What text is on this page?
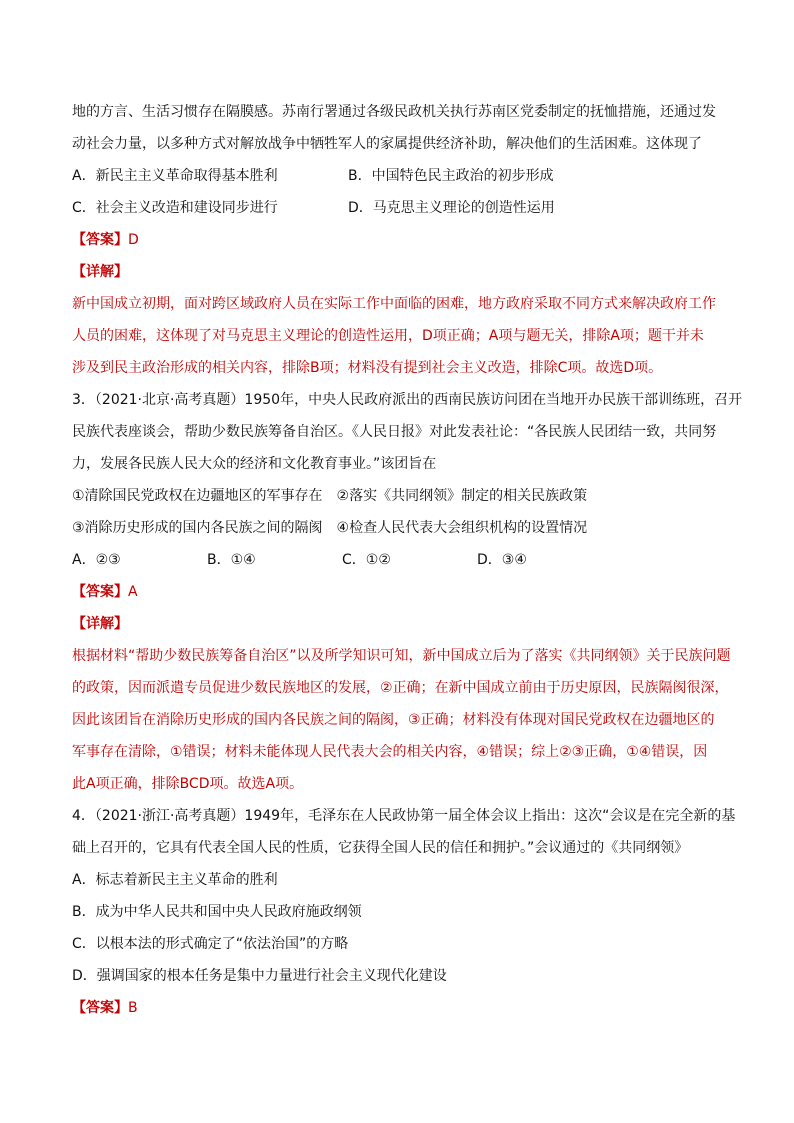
地的方言、生活习惯存在隔膜感。苏南行署通过各级民政机关执行苏南区党委制定的抚恤措施，还通过发
动社会力量，以多种方式对解放战争中牺牲军人的家属提供经济补助，解决他们的生活困难。这体现了
A．新民主主义革命取得基本胜利	B．中国特色民主政治的初步形成
C．社会主义改造和建设同步进行	D．马克思主义理论的创造性运用
【答案】D
【详解】
新中国成立初期，面对跨区域政府人员在实际工作中面临的困难，地方政府采取不同方式来解决政府工作
人员的困难，这体现了对马克思主义理论的创造性运用，D项正确；A项与题无关，排除A项；题干并未
涉及到民主政治形成的相关内容，排除B项；材料没有提到社会主义改造，排除C项。故选D项。
3．（2021·北京·高考真题）1950年，中央人民政府派出的西南民族访问团在当地开办民族干部训练班，召开
民族代表座谈会，帮助少数民族筹备自治区。《人民日报》对此发表社论：“各民族人民团结一致，共同努
力，发展各民族人民大众的经济和文化教育事业。”该团旨在
①清除国民党政权在边疆地区的军事存在　②落实《共同纲领》制定的相关民族政策
③消除历史形成的国内各民族之间的隔阂　④检查人民代表大会组织机构的设置情况
A．②③	B．①④	C．①②	D．③④
【答案】A
【详解】
根据材料“帮助少数民族筹备自治区”以及所学知识可知，新中国成立后为了落实《共同纲领》关于民族问题
的政策，因而派遣专员促进少数民族地区的发展，②正确；在新中国成立前由于历史原因，民族隔阂很深，
因此该团旨在消除历史形成的国内各民族之间的隔阂，③正确；材料没有体现对国民党政权在边疆地区的
军事存在清除，①错误；材料未能体现人民代表大会的相关内容，④错误；综上②③正确，①④错误，因
此A项正确，排除BCD项。故选A项。
4．（2021·浙江·高考真题）1949年，毛泽东在人民政协第一届全体会议上指出：这次“会议是在完全新的基
础上召开的，它具有代表全国人民的性质，它获得全国人民的信任和拥护。”会议通过的《共同纲领》
A．标志着新民主主义革命的胜利
B．成为中华人民共和国中央人民政府施政纲领
C．以根本法的形式确定了“依法治国”的方略
D．强调国家的根本任务是集中力量进行社会主义现代化建设
【答案】B
